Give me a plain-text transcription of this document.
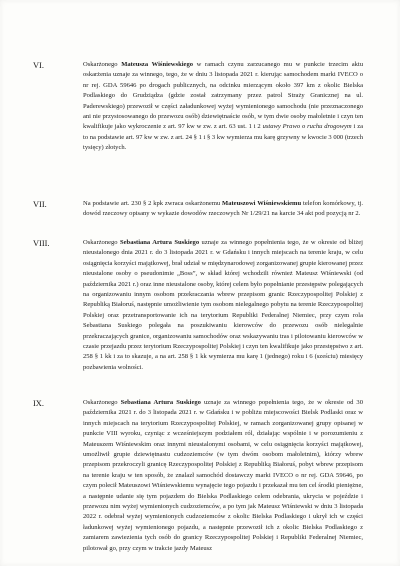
VI.	Oskarżonego Mateusza Wiśniewskiego w ramach czynu zarzucanego mu w punkcie trzecim aktu oskarżenia uznaje za winnego, tego, że w dniu 3 listopada 2021 r. kierując samochodem marki IVECO o nr rej. GDA 59646 po drogach publicznych, na odcinku mierzącym około 397 km z okolic Bielska Podlaskiego do Grudziądza (gdzie został zatrzymany przez patrol Straży Granicznej na ul. Paderewskiego) przewoził w części załadunkowej wyżej wymienionego samochodu (nie przeznaczonego ani nie przystosowanego do przewozu osób) dziewiętnaście osób, w tym dwie osoby małoletnie i czyn ten kwalifikuje jako wykroczenie z art. 97 kw w zw. z art. 63 ust. 1 i 2 ustawy Prawo o ruchu drogowym i za to na podstawie art. 97 kw w zw. z art. 24 § 1 i § 3 kw wymierza mu karę grzywny w kwocie 3 000 (trzech tysięcy) złotych.
VII.	Na podstawie art. 230 § 2 kpk zwraca oskarżonemu Mateuszowi Wiśniewskiemu telefon komórkowy, tj. dowód rzeczowy opisany w wykazie dowodów rzeczowych Nr 1/29/21 na karcie 34 akt pod pozycją nr 2.
VIII.	Oskarżonego Sebastiana Artura Suskiego uznaje za winnego popełnienia tego, że w okresie od bliżej nieustalonego dnia 2021 r. do 3 listopada 2021 r. w Gdańsku i innych miejscach na terenie kraju, w celu osiągnięcia korzyści majątkowej, brał udział w międzynarodowej zorganizowanej grupie kierowanej przez nieustalone osoby o pseudonimie „Boss”, w skład której wchodzili również Mateusz Wiśniewski (od października 2021 r.) oraz inne nieustalone osoby, której celem było popełnianie przestępstw polegających na organizowaniu innym osobom przekraczania wbrew przepisom granic Rzeczypospolitej Polskiej z Republiką Białoruś, następnie umożliwienie tym osobom nielegalnego pobytu na terenie Rzeczypospolitej Polskiej oraz przetransportowanie ich na terytorium Republiki Federalnej Niemiec, przy czym rola Sebastiana Suskiego polegała na poszukiwaniu kierowców do przewozu osób nielegalnie przekraczających granice, organizowaniu samochodów oraz wskazywaniu tras i pilotowaniu kierowców w czasie przejazdu przez terytorium Rzeczypospolitej Polskiej i czyn ten kwalifikuje jako przestępstwo z art. 258 § 1 kk i za to skazuje, a na art. 258 § 1 kk wymierza mu karę 1 (jednego) roku i 6 (sześciu) miesięcy pozbawienia wolności.
IX.	Oskarżonego Sebastiana Artura Suskiego uznaje za winnego popełnienia tego, że w okresie od 30 października 2021 r. do 3 listopada 2021 r. w Gdańsku i w pobliżu miejscowości Bielsk Podlaski oraz w innych miejscach na terytorium Rzeczypospolitej Polskiej, w ramach zorganizowanej grupy opisanej w punkcie VIII wyroku, czyniąc z wcześniejszym podziałem ról, działając wspólnie i w porozumieniu z Mateuszem Wiśniewskim oraz innymi nieustalonymi osobami, w celu osiągnięcia korzyści majątkowej, umożliwił grupie dziewiętnastu cudzoziemców (w tym dwóm osobom małoletnim), którzy wbrew przepisom przekroczyli granicę Rzeczypospolitej Polskiej z Republiką Białoruś, pobyt wbrew przepisom na terenie kraju w ten sposób, że znalazł samochód dostawczy marki IVECO o nr rej. GDA 59646, po czym polecił Mateuszowi Wiśniewskiemu wynajęcie tego pojazdu i przekazał mu ten cel środki pieniężne, a następnie udanie się tym pojazdem do Bielska Podlaskiego celem odebrania, ukrycia w pojeździe i przewozu nim wyżej wymienionych cudzoziemców, a po tym jak Mateusz Wiśniewski w dniu 3 listopada 2022 r. odebrał wyżej wymienionych cudzoziemców z okolic Bielska Podlaskiego i ukrył ich w części ładunkowej wyżej wymienionego pojazdu, a następnie przewoził ich z okolic Bielska Podlaskiego z zamiarem zawiezienia tych osób do granicy Rzeczypospolitej Polskiej i Republiki Federalnej Niemiec, pilotował go, przy czym w trakcie jazdy Mateusz
